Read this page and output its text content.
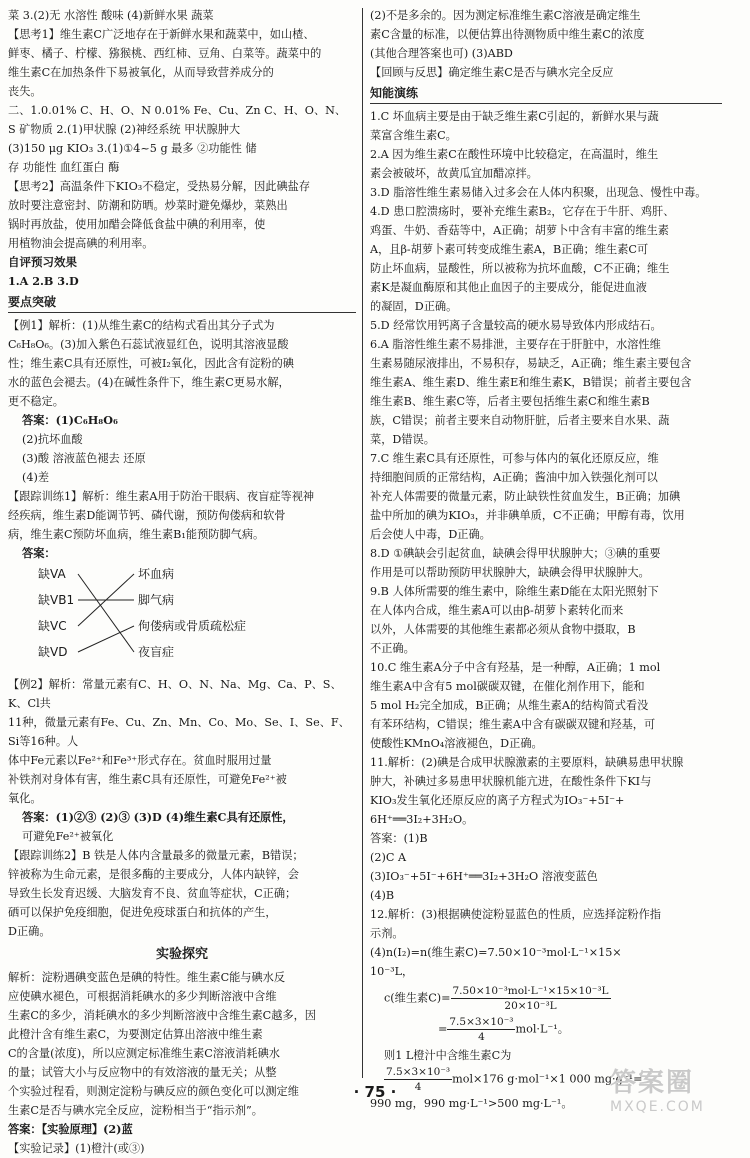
菜 3.(2)无 水溶性 酸味 (4)新鲜水果 蔬菜
【思考1】维生素C广泛地存在于新鲜水果和蔬菜中，如山楂、
鲜枣、橘子、柠檬、猕猴桃、西红柿、豆角、白菜等。蔬菜中的
维生素C在加热条件下易被氧化，从而导致营养成分的
丧失。
二、1.0.01% C、H、O、N 0.01% Fe、Cu、Zn C、H、O、N、
S 矿物质 2.(1)甲状腺 (2)神经系统 甲状腺肿大
(3)150 μg KIO₃ 3.(1)①4~5 g 最多 ②功能性 储
存 功能性 血红蛋白 酶
【思考2】高温条件下KIO₃不稳定，受热易分解，因此碘盐存
放时要注意密封、防潮和防晒。炒菜时避免爆炒，菜熟出
锅时再放盐，使用加醋会降低食盐中碘的利用率，使
用植物油会提高碘的利用率。
自评预习效果
1.A 2.B 3.D
要点突破
【例1】解析：(1)从维生素C的结构式看出其分子式为
C₆H₈O₆。(3)加入紫色石蕊试液显红色，说明其溶液显酸
性；维生素C具有还原性，可被I₂氧化，因此含有淀粉的碘
水的蓝色会褪去。(4)在碱性条件下，维生素C更易水解，
更不稳定。
答案：(1)C₆H₈O₆
(2)抗坏血酸
(3)酸 溶液蓝色褪去 还原
(4)差
【跟踪训练1】解析：维生素A用于防治干眼病、夜盲症等视神
经疾病，维生素D能调节钙、磷代谢，预防佝偻病和软骨
病，维生素C预防坏血病，维生素B₁能预防脚气病。
答案：
缺VA
缺VB1
缺VC
缺VD
坏血病
脚气病
佝偻病或骨质疏松症
夜盲症
【例2】解析：常量元素有C、H、O、N、Na、Mg、Ca、P、S、K、Cl共
11种，微量元素有Fe、Cu、Zn、Mn、Co、Mo、Se、I、Se、F、Si等16种。人
体中Fe元素以Fe²⁺和Fe³⁺形式存在。贫血时服用过量
补铁剂对身体有害，维生素C具有还原性，可避免Fe²⁺被
氧化。
答案：(1)②③ (2)③ (3)D (4)维生素C具有还原性，
可避免Fe²⁺被氧化
【跟踪训练2】B 铁是人体内含量最多的微量元素，B错误；
锌被称为生命元素，是很多酶的主要成分，人体内缺锌，会
导致生长发育迟缓、大脑发育不良、贫血等症状，C正确；
硒可以保护免疫细胞，促进免疫球蛋白和抗体的产生，
D正确。
实验探究
解析：淀粉遇碘变蓝色是碘的特性。维生素C能与碘水反
应使碘水褪色，可根据消耗碘水的多少判断溶液中含维
生素C的多少，消耗碘水的多少判断溶液中含维生素C越多，因
此橙汁含有维生素C，为要测定估算出溶液中维生素
C的含量(浓度)，所以应测定标准维生素C溶液消耗碘水
的量；试管大小与反应物中的有效溶液的量无关；从整
个实验过程看，则测定淀粉与碘反应的颜色变化可以测定维
生素C是否与碘水完全反应，淀粉相当于“指示剂”。
答案：【实验原理】(2)蓝
【实验记录】(1)橙汁(或③)
(2)不是多余的。因为测定标准维生素C溶液是确定维生
素C含量的标准，以便估算出待测物质中维生素C的浓度
(其他合理答案也可) (3)ABD
【回顾与反思】确定维生素C是否与碘水完全反应
知能演练
1.C 坏血病主要是由于缺乏维生素C引起的，新鲜水果与蔬
菜富含维生素C。
2.A 因为维生素C在酸性环境中比较稳定，在高温时，维生
素会被破坏，故黄瓜宜加醋凉拌。
3.D 脂溶性维生素易储入过多会在人体内积聚，出现急、慢性中毒。
4.D 患口腔溃疡时，要补充维生素B₂，它存在于牛肝、鸡肝、
鸡蛋、牛奶、香菇等中，A正确；胡萝卜中含有丰富的维生素
A，且β-胡萝卜素可转变成维生素A，B正确；维生素C可
防止坏血病，显酸性，所以被称为抗坏血酸，C不正确；维生
素K是凝血酶原和其他止血因子的主要成分，能促进血液
的凝固，D正确。
5.D 经常饮用钙离子含量较高的硬水易导致体内形成结石。
6.A 脂溶性维生素不易排泄，主要存在于肝脏中，水溶性维
生素易随尿液排出，不易积存，易缺乏，A正确；维生素主要包含
维生素A、维生素D、维生素E和维生素K，B错误；前者主要包含
维生素B、维生素C等，后者主要包括维生素C和维生素B
族，C错误；前者主要来自动物肝脏，后者主要来自水果、蔬
菜，D错误。
7.C 维生素C具有还原性，可参与体内的氧化还原反应，维
持细胞间质的正常结构，A正确；酱油中加入铁强化剂可以
补充人体需要的微量元素，防止缺铁性贫血发生，B正确；加碘
盐中所加的碘为KIO₃，并非碘单质，C不正确；甲醇有毒，饮用
后会使人中毒，D正确。
8.D ①碘缺会引起贫血，缺碘会得甲状腺肿大；③碘的重要
作用是可以帮助预防甲状腺肿大，缺碘会得甲状腺肿大。
9.B 人体所需要的维生素中，除维生素D能在太阳光照射下
在人体内合成，维生素A可以由β-胡萝卜素转化而来
以外，人体需要的其他维生素都必须从食物中摄取，B
不正确。
10.C 维生素A分子中含有羟基，是一种醇，A正确；1 mol
维生素A中含有5 mol碳碳双键，在催化剂作用下，能和
5 mol H₂完全加成，B正确；从维生素A的结构简式看没
有苯环结构，C错误；维生素A中含有碳碳双键和羟基，可
使酸性KMnO₄溶液褪色，D正确。
11.解析：(2)碘是合成甲状腺激素的主要原料，缺碘易患甲状腺
肿大，补碘过多易患甲状腺机能亢进，在酸性条件下KI与
KIO₃发生氧化还原反应的离子方程式为IO₃⁻+5I⁻+
6H⁺══3I₂+3H₂O。
答案：(1)B
(2)C A
(3)IO₃⁻+5I⁻+6H⁺══3I₂+3H₂O 溶液变蓝色
(4)B
12.解析：(3)根据碘使淀粉显蓝色的性质，应选择淀粉作指
示剂。
(4)n(I₂)=n(维生素C)=7.50×10⁻³mol·L⁻¹×15×
10⁻³L，
c(维生素$C)= \frac{\text{7.50×10⁻³mol·L⁻¹×15×10⁻³L}}{\text{20×10⁻³L}}$
= $\frac{\text{7.5×3×10⁻³}}{4} mol\cdot L^{-1}$。
则1 L橙汁中含维生素C为
$\frac{\text{7.5×3×10⁻³}}{4} mol\times 176$ g·mol⁻¹×1 000 mg·g⁻¹=
990 mg，990 mg·L⁻¹>500 mg·L⁻¹。
· 75 ·	答案圈
MXQE.COM
